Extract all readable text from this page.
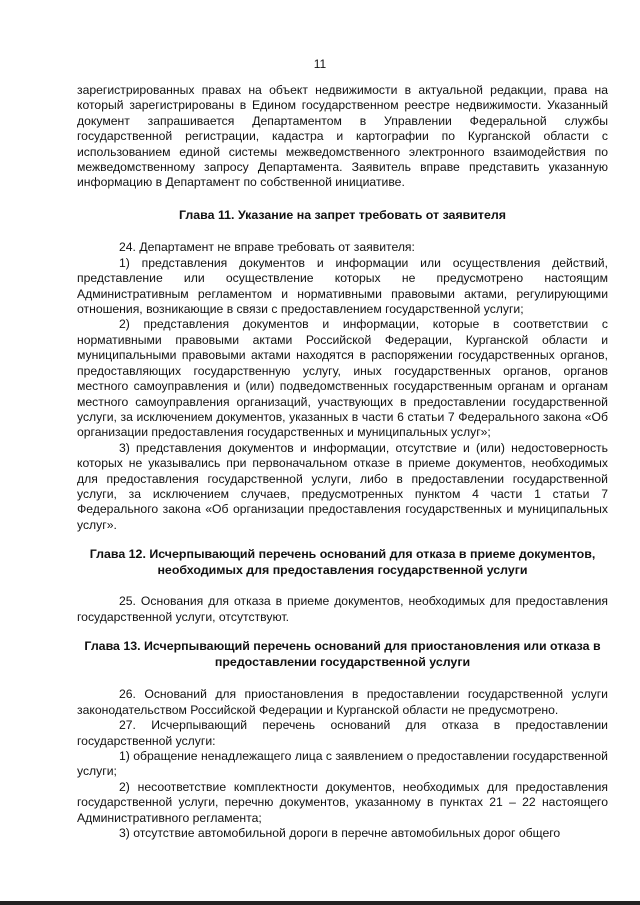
11

зарегистрированных правах на объект недвижимости в актуальной редакции, права на который зарегистрированы в Едином государственном реестре недвижимости. Указанный документ запрашивается Департаментом в Управлении Федеральной службы государственной регистрации, кадастра и картографии по Курганской области с использованием единой системы межведомственного электронного взаимодействия по межведомственному запросу Департамента. Заявитель вправе представить указанную информацию в Департамент по собственной инициативе.

Глава 11. Указание на запрет требовать от заявителя

24. Департамент не вправе требовать от заявителя:

1) представления документов и информации или осуществления действий, представление или осуществление которых не предусмотрено настоящим Административным регламентом и нормативными правовыми актами, регулирующими отношения, возникающие в связи с предоставлением государственной услуги;

2) представления документов и информации, которые в соответствии с нормативными правовыми актами Российской Федерации, Курганской области и муниципальными правовыми актами находятся в распоряжении государственных органов, предоставляющих государственную услугу, иных государственных органов, органов местного самоуправления и (или) подведомственных государственным органам и органам местного самоуправления организаций, участвующих в предоставлении государственной услуги, за исключением документов, указанных в части 6 статьи 7 Федерального закона «Об организации предоставления государственных и муниципальных услуг»;

3) представления документов и информации, отсутствие и (или) недостоверность которых не указывались при первоначальном отказе в приеме документов, необходимых для предоставления государственной услуги, либо в предоставлении государственной услуги, за исключением случаев, предусмотренных пунктом 4 части 1 статьи 7 Федерального закона «Об организации предоставления государственных и муниципальных услуг».

Глава 12. Исчерпывающий перечень оснований для отказа в приеме документов, необходимых для предоставления государственной услуги

25. Основания для отказа в приеме документов, необходимых для предоставления государственной услуги, отсутствуют.

Глава 13. Исчерпывающий перечень оснований для приостановления или отказа в предоставлении государственной услуги

26. Оснований для приостановления в предоставлении государственной услуги законодательством Российской Федерации и Курганской области не предусмотрено.

27. Исчерпывающий перечень оснований для отказа в предоставлении государственной услуги:

1) обращение ненадлежащего лица с заявлением о предоставлении государственной услуги;

2) несоответствие комплектности документов, необходимых для предоставления государственной услуги, перечню документов, указанному в пунктах 21 – 22 настоящего Административного регламента;

3) отсутствие автомобильной дороги в перечне автомобильных дорог общего
